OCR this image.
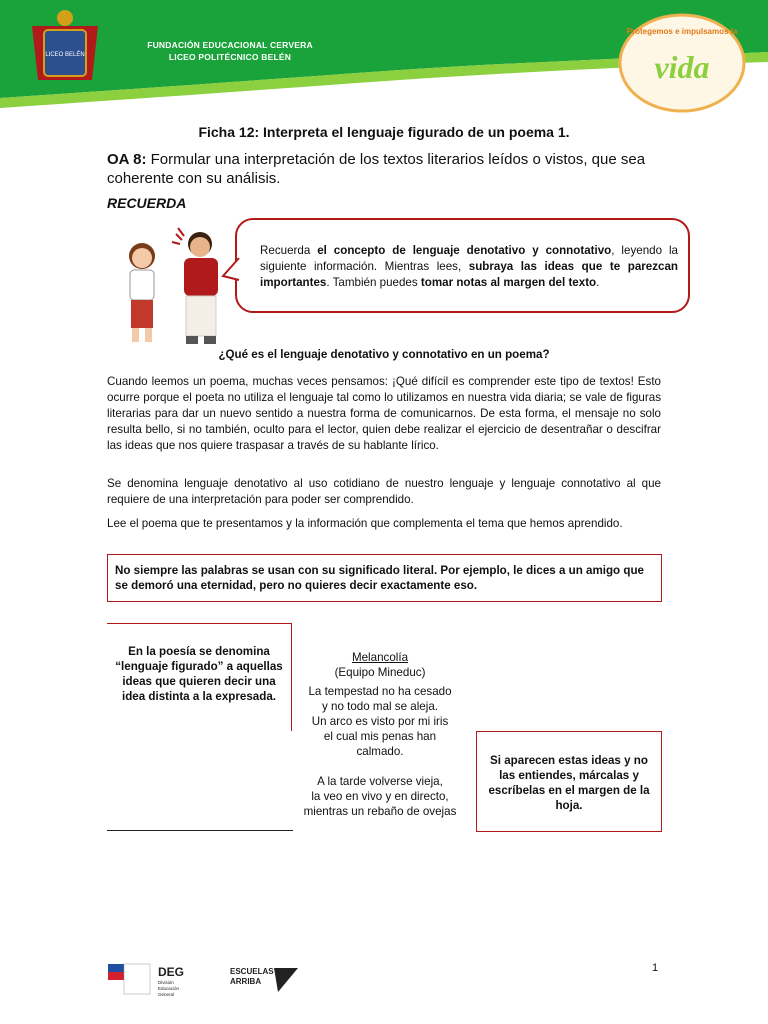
LICEO BELÉN
FUNDACIÓN EDUCACIONAL CERVERA
LICEO POLITÉCNICO BELÉN
Protegemos e impulsamos la
vida
Ficha 12: Interpreta el lenguaje figurado de un poema 1.
OA 8: Formular una interpretación de los textos literarios leídos o vistos, que sea coherente con su análisis.
RECUERDA
Recuerda el concepto de lenguaje denotativo y connotativo, leyendo la siguiente información. Mientras lees, subraya las ideas que te parezcan importantes. También puedes tomar notas al margen del texto.
¿Qué es el lenguaje denotativo y connotativo en un poema?

Cuando leemos un poema, muchas veces pensamos: ¡Qué difícil es comprender este tipo de textos! Esto ocurre porque el poeta no utiliza el lenguaje tal como lo utilizamos en nuestra vida diaria; se vale de figuras literarias para dar un nuevo sentido a nuestra forma de comunicarnos. De esta forma, el mensaje no solo resulta bello, si no también, oculto para el lector, quien debe realizar el ejercicio de desentrañar o descifrar las ideas que nos quiere traspasar a través de su hablante lírico.

Se denomina lenguaje denotativo al uso cotidiano de nuestro lenguaje y lenguaje connotativo al que requiere de una interpretación para poder ser comprendido.

Lee el poema que te presentamos y la información que complementa el tema que hemos aprendido.

No siempre las palabras se usan con su significado literal. Por ejemplo, le dices a un amigo que se demoró una eternidad, pero no quieres decir exactamente eso.
En la poesía se denomina “lenguaje figurado” a aquellas ideas que quieren decir una idea distinta a la expresada.
Melancolía
(Equipo Mineduc)
La tempestad no ha cesado
y no todo mal se aleja.
Un arco es visto por mi iris
el cual mis penas han
calmado.
A la tarde volverse vieja,
la veo en vivo y en directo,
mientras un rebaño de ovejas
Si aparecen estas ideas y no las entiendes, márcalas y escríbelas en el margen de la hoja.
DEG
División
Educación
General
ESCUELAS
ARRIBA
1
